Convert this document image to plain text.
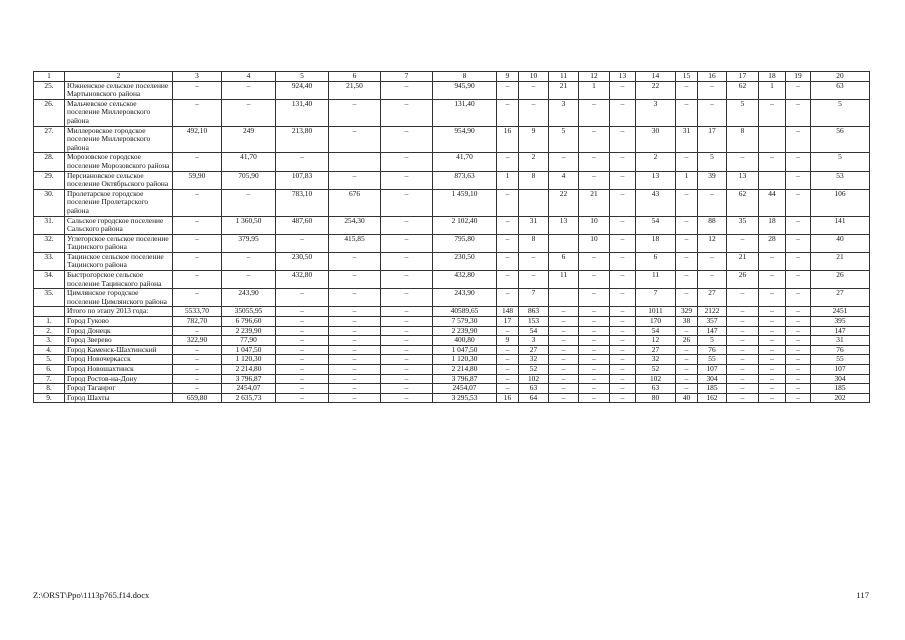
1	2	3	4	5	6	7	8	9	10	11	12	13	14	15	16	17	18	19	20
25.	Южненское сельское поселение Мартыновского района	–	–	924,40	21,50	–	945,90	–	–	21	1	–	22	–	–	62	1	–	63
26.	Мальчевское сельское поселение Миллеровского района	–	–	131,40	–	–	131,40	–	–	3	–	–	3	–	–	5	–	–	5
27.	Миллеровское городское поселение Миллеровского района	492,10	249	213,80	–	–	954,90	16	9	5	–	–	30	31	17	8		–	56
28.	Морозовское городское поселение Морозовского района	–	41,70	–		–	41,70	–	2	–	–	–	2	–	5	–	–	–	5
29.	Персиановское сельское поселение Октябрьского района	59,90	705,90	107,83	–	–	873,63	1	8	4	–	–	13	1	39	13		–	53
30.	Пролетарское городское поселение Пролетарского района	–	–	783,10	676	–	1 459,10	–		22	21	–	43	–	–	62	44	–	106
31.	Сальское городское поселение Сальского района	–	1 360,50	487,60	254,30	–	2 102,40	–	31	13	10	–	54	–	88	35	18	–	141
32.	Углегорское сельское поселение Тацинского района	–	379,95	–	415,85	–	795,80	–	8		10	–	18	–	12	–	28	–	40
33.	Тацинское сельское поселение Тацинского района	–	–	230,50	–	–	230,50	–	–	6	–	–	6	–	–	21	–	–	21
34.	Быстрогорское сельское поселение Тацинского района	–	–	432,80	–	–	432,80	–	–	11	–	–	11	–	–	26	–	–	26
35.	Цимлянское городское поселение Цимлянского района	–	243,90	–	–	–	243,90	–	7		–	–	7	–	27	–	–	–	27
	Итого по этапу 2013 года:	5533,70	35055,95	–	–	–	40589,65	148	863	–	–	–	1011	329	2122	–	–	–	2451
1.	Город Гуково	782,70	6 796,60	–	–	–	7 579,30	17	153	–	–	–	170	38	357	–	–	–	395
2.	Город Донецк	–	2 239,90	–	–	–	2 239,90	–	54	–	–	–	54	–	147	–	–	–	147
3.	Город Зверево	322,90	77,90	–	–	–	400,80	9	3	–	–	–	12	26	5	–	–	–	31
4.	Город Каменск-Шахтинский	–	1 047,50	–	–	–	1 047,50	–	27	–	–	–	27	–	76	–	–	–	76
5.	Город Новочеркасск	–	1 120,30	–	–	–	1 120,30	–	32	–	–	–	32	–	55	–	–	–	55
6.	Город Новошахтинск	–	2 214,80	–	–	–	2 214,80	–	52	–	–	–	52	–	107	–	–	–	107
7.	Город Ростов-на-Дону	–	3 796,87	–	–	–	3 796,87	–	102	–	–	–	102	–	304	–	–	–	304
8.	Город Таганрог	–	2454,07	–	–	–	2454,07	–	63	–	–	–	63	–	185	–	–	–	185
9.	Город Шахты	659,80	2 635,73	–	–	–	3 295,53	16	64	–	–	–	80	40	162	–	–	–	202
Z:\ORST\Ppo\1113p765.f14.docx	117
